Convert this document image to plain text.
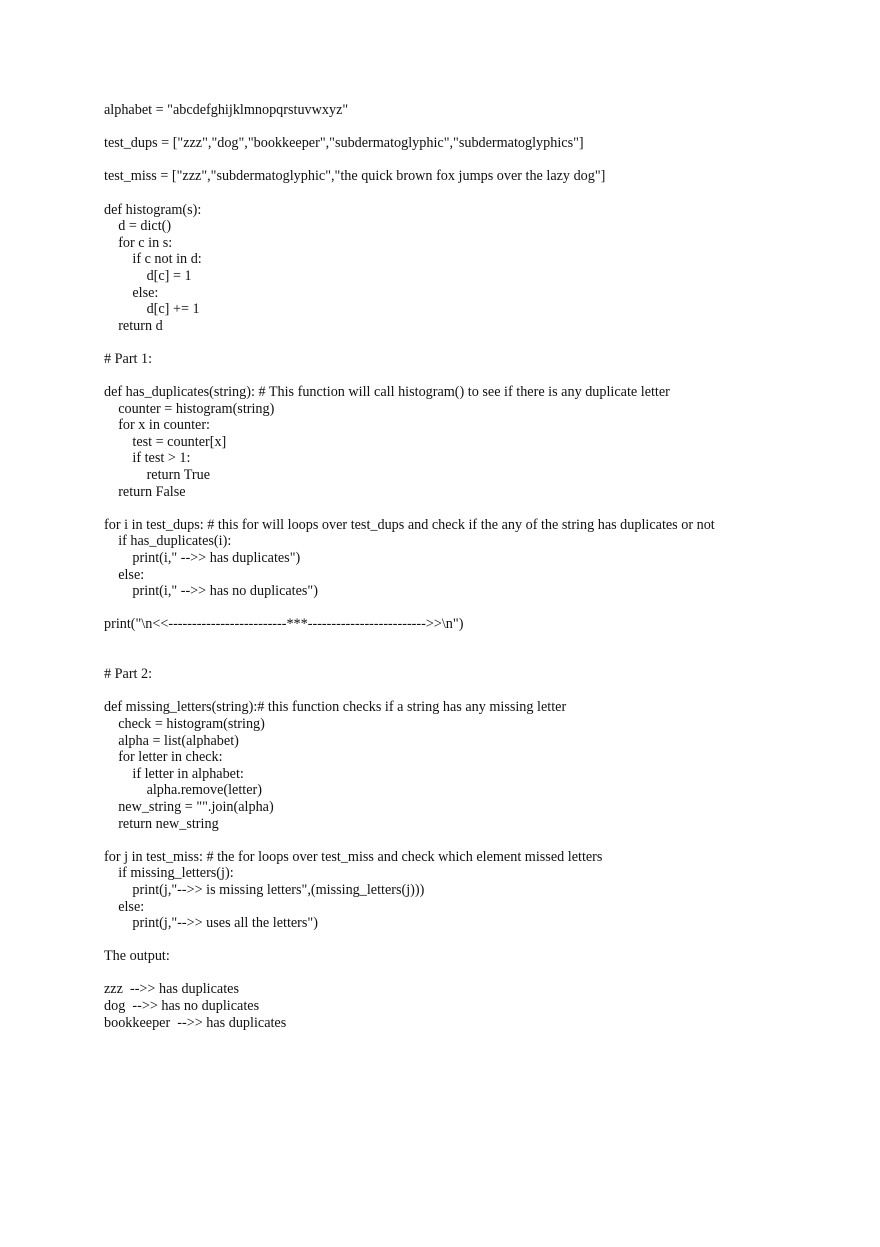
alphabet = "abcdefghijklmnopqrstuvwxyz"
test_dups = ["zzz","dog","bookkeeper","subdermatoglyphic","subdermatoglyphics"]
test_miss = ["zzz","subdermatoglyphic","the quick brown fox jumps over the lazy dog"]
def histogram(s):
d = dict()
for c in s:
if c not in d:
d[c] = 1
else:
d[c] += 1
return d
# Part 1:
def has_duplicates(string): # This function will call histogram() to see if there is any duplicate letter
counter = histogram(string)
for x in counter:
test = counter[x]
if test > 1:
return True
return False
for i in test_dups: # this for will loops over test_dups and check if the any of the string has duplicates or not
if has_duplicates(i):
print(i," -->> has duplicates")
else:
print(i," -->> has no duplicates")
print("\n<<-------------------------***------------------------->>\n")
# Part 2:
def missing_letters(string):# this function checks if a string has any missing letter
check = histogram(string)
alpha = list(alphabet)
for letter in check:
if letter in alphabet:
alpha.remove(letter)
new_string = "".join(alpha)
return new_string
for j in test_miss: # the for loops over test_miss and check which element missed letters
if missing_letters(j):
print(j,"-->> is missing letters",(missing_letters(j)))
else:
print(j,"-->> uses all the letters")
The output:
zzz  -->> has duplicates
dog  -->> has no duplicates
bookkeeper  -->> has duplicates
